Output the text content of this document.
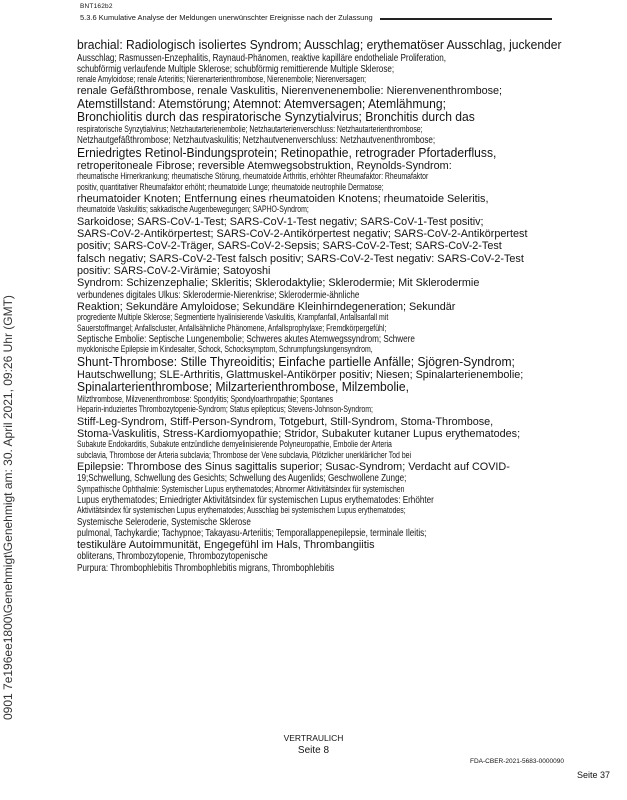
BNT162b2
5.3.6 Kumulative Analyse der Meldungen unerwünschter Ereignisse nach der Zulassung
0901 7e196ee1800\Genehmigt\Genehmigt am: 30. April 2021, 09:26 Uhr (GMT)
brachial: Radiologisch isoliertes Syndrom; Ausschlag; erythematöser Ausschlag, juckender
Ausschlag; Rasmussen-Enzephalitis, Raynaud-Phänomen, reaktive kapilläre endotheliale Proliferation,
schubförmig verlaufende Multiple Sklerose; schubförmig remittierende Multiple Sklerose;
renale Amyloidose; renale Arteriitis; Nierenarterienthrombose, Nierenembolie; Nierenversagen;
renale Gefäßthrombose, renale Vaskulitis, Nierenvenenembolie: Nierenvenenthrombose;
Atemstillstand: Atemstörung; Atemnot: Atemversagen; Atemlähmung;
Bronchiolitis durch das respiratorische Synzytialvirus; Bronchitis durch das
respiratorische Synzytialvirus; Netzhautarterienembolie; Netzhautarterienverschluss: Netzhautarterienthrombose;
Netzhautgefäßthrombose; Netzhautvaskulitis; Netzhautvenenverschluss: Netzhautvenenthrombose;
Erniedrigtes Retinol-Bindungsprotein; Retinopathie, retrograder Pfortaderfluss,
retroperitoneale Fibrose; reversible Atemwegsobstruktion, Reynolds-Syndrom:
rheumatische Hirnerkrankung; rheumatische Störung, rheumatoide Arthritis, erhöhter Rheumafaktor: Rheumafaktor
positiv, quantitativer Rheumafaktor erhöht; rheumatoide Lunge; rheumatoide neutrophile Dermatose;
rheumatoider Knoten; Entfernung eines rheumatoiden Knotens; rheumatoide Seleritis,
rheumatoide Vaskulitis; sakkadische Augenbewegungen; SAPHO-Syndrom;
Sarkoidose; SARS-CoV-1-Test; SARS-CoV-1-Test negativ; SARS-CoV-1-Test positiv;
SARS-CoV-2-Antikörpertest; SARS-CoV-2-Antikörpertest negativ; SARS-CoV-2-Antikörpertest
positiv; SARS-CoV-2-Träger, SARS-CoV-2-Sepsis; SARS-CoV-2-Test; SARS-CoV-2-Test
falsch negativ; SARS-CoV-2-Test falsch positiv; SARS-CoV-2-Test negativ: SARS-CoV-2-Test
positiv: SARS-CoV-2-Virämie; Satoyoshi
Syndrom: Schizenzephalie; Skleritis; Sklerodaktylie; Sklerodermie; Mit Sklerodermie
verbundenes digitales Ulkus: Sklerodermie-Nierenkrise; Sklerodermie-ähnliche
Reaktion; Sekundäre Amyloidose; Sekundäre Kleinhirndegeneration; Sekundär
progrediente Multiple Sklerose; Segmentierte hyalinisierende Vaskulitis, Krampfanfall, Anfallsanfall mit
Sauerstoffmangel; Anfallscluster, Anfallsähnliche Phänomene, Anfallsprophylaxe; Fremdkörpergefühl;
Septische Embolie: Septische Lungenembolie; Schweres akutes Atemwegssyndrom; Schwere
myoklonische Epilepsie im Kindesalter, Schock, Schocksymptom, Schrumpfungslungensyndrom,
Shunt-Thrombose: Stille Thyreoiditis; Einfache partielle Anfälle; Sjögren-Syndrom;
Hautschwellung; SLE-Arthritis, Glattmuskel-Antikörper positiv; Niesen; Spinalarterienembolie;
Spinalarterienthrombose; Milzarterienthrombose, Milzembolie,
Milzthrombose, Milzvenenthrombose: Spondylitis; Spondyloarthropathie; Spontanes
Heparin-induziertes Thrombozytopenie-Syndrom; Status epilepticus; Stevens-Johnson-Syndrom;
Stiff-Leg-Syndrom, Stiff-Person-Syndrom, Totgeburt, Still-Syndrom, Stoma-Thrombose,
Stoma-Vaskulitis, Stress-Kardiomyopathie; Stridor, Subakuter kutaner Lupus erythematodes;
Subakute Endokarditis, Subakute entzündliche demyelinisierende Polyneuropathie, Embolie der Arteria
subclavia, Thrombose der Arteria subclavia; Thrombose der Vene subclavia, Plötzlicher unerklärlicher Tod bei
Epilepsie: Thrombose des Sinus sagittalis superior; Susac-Syndrom; Verdacht auf COVID-
19;Schwellung, Schwellung des Gesichts; Schwellung des Augenlids; Geschwollene Zunge;
Sympathische Ophthalmie: Systemischer Lupus erythematodes; Abnormer Aktivitätsindex für systemischen
Lupus erythematodes; Erniedrigter Aktivitätsindex für systemischen Lupus erythematodes: Erhöhter
Aktivitätsindex für systemischen Lupus erythematodes; Ausschlag bei systemischem Lupus erythematodes;
Systemische Seleroderie, Systemische Sklerose
pulmonal, Tachykardie; Tachypnoe; Takayasu-Arteriitis; Temporallappenepilepsie, terminale Ileitis;
testikuläre Autoimmunität, Engegefühl im Hals, Thrombangiitis
obliterans, Thrombozytopenie, Thrombozytopenische
Purpura: Thrombophlebitis Thrombophlebitis migrans, Thrombophlebitis
VERTRAULICH
Seite 8
FDA-CBER-2021-5683-0000090
Seite 37
